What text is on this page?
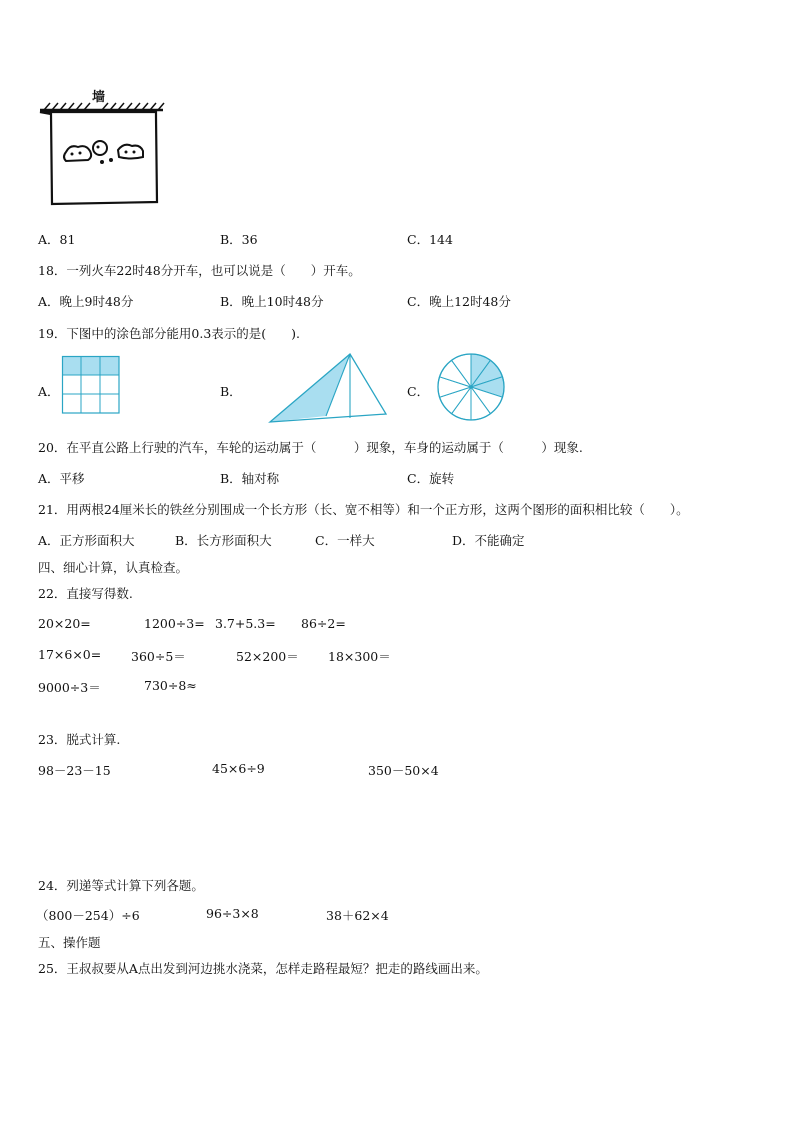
墙
A．81	B．36	C．144
18．一列火车22时48分开车，也可以说是（　　）开车。
A．晚上9时48分	B．晚上10时48分	C．晚上12时48分
19．下图中的涂色部分能用0.3表示的是(　　).
A．	B．	C．
20．在平直公路上行驶的汽车，车轮的运动属于（　　　）现象，车身的运动属于（　　　）现象.
A．平移	B．轴对称	C．旋转
21．用两根24厘米长的铁丝分别围成一个长方形（长、宽不相等）和一个正方形，这两个图形的面积相比较（　　）。
A．正方形面积大	B．长方形面积大	C．一样大	D．不能确定
四、细心计算，认真检查。
22．直接写得数.
20×20=	1200÷3= 3.7+5.3= 86÷2=
17×6×0= 360÷5＝	52×200＝ 18×300＝
9000÷3＝	730÷8≈
23．脱式计算.
98－23－15	45×6÷9	350－50×4
24．列递等式计算下列各题。
（800－254）÷6	96÷3×8	38＋62×4
五、操作题
25．王叔叔要从A点出发到河边挑水浇菜，怎样走路程最短？把走的路线画出来。
